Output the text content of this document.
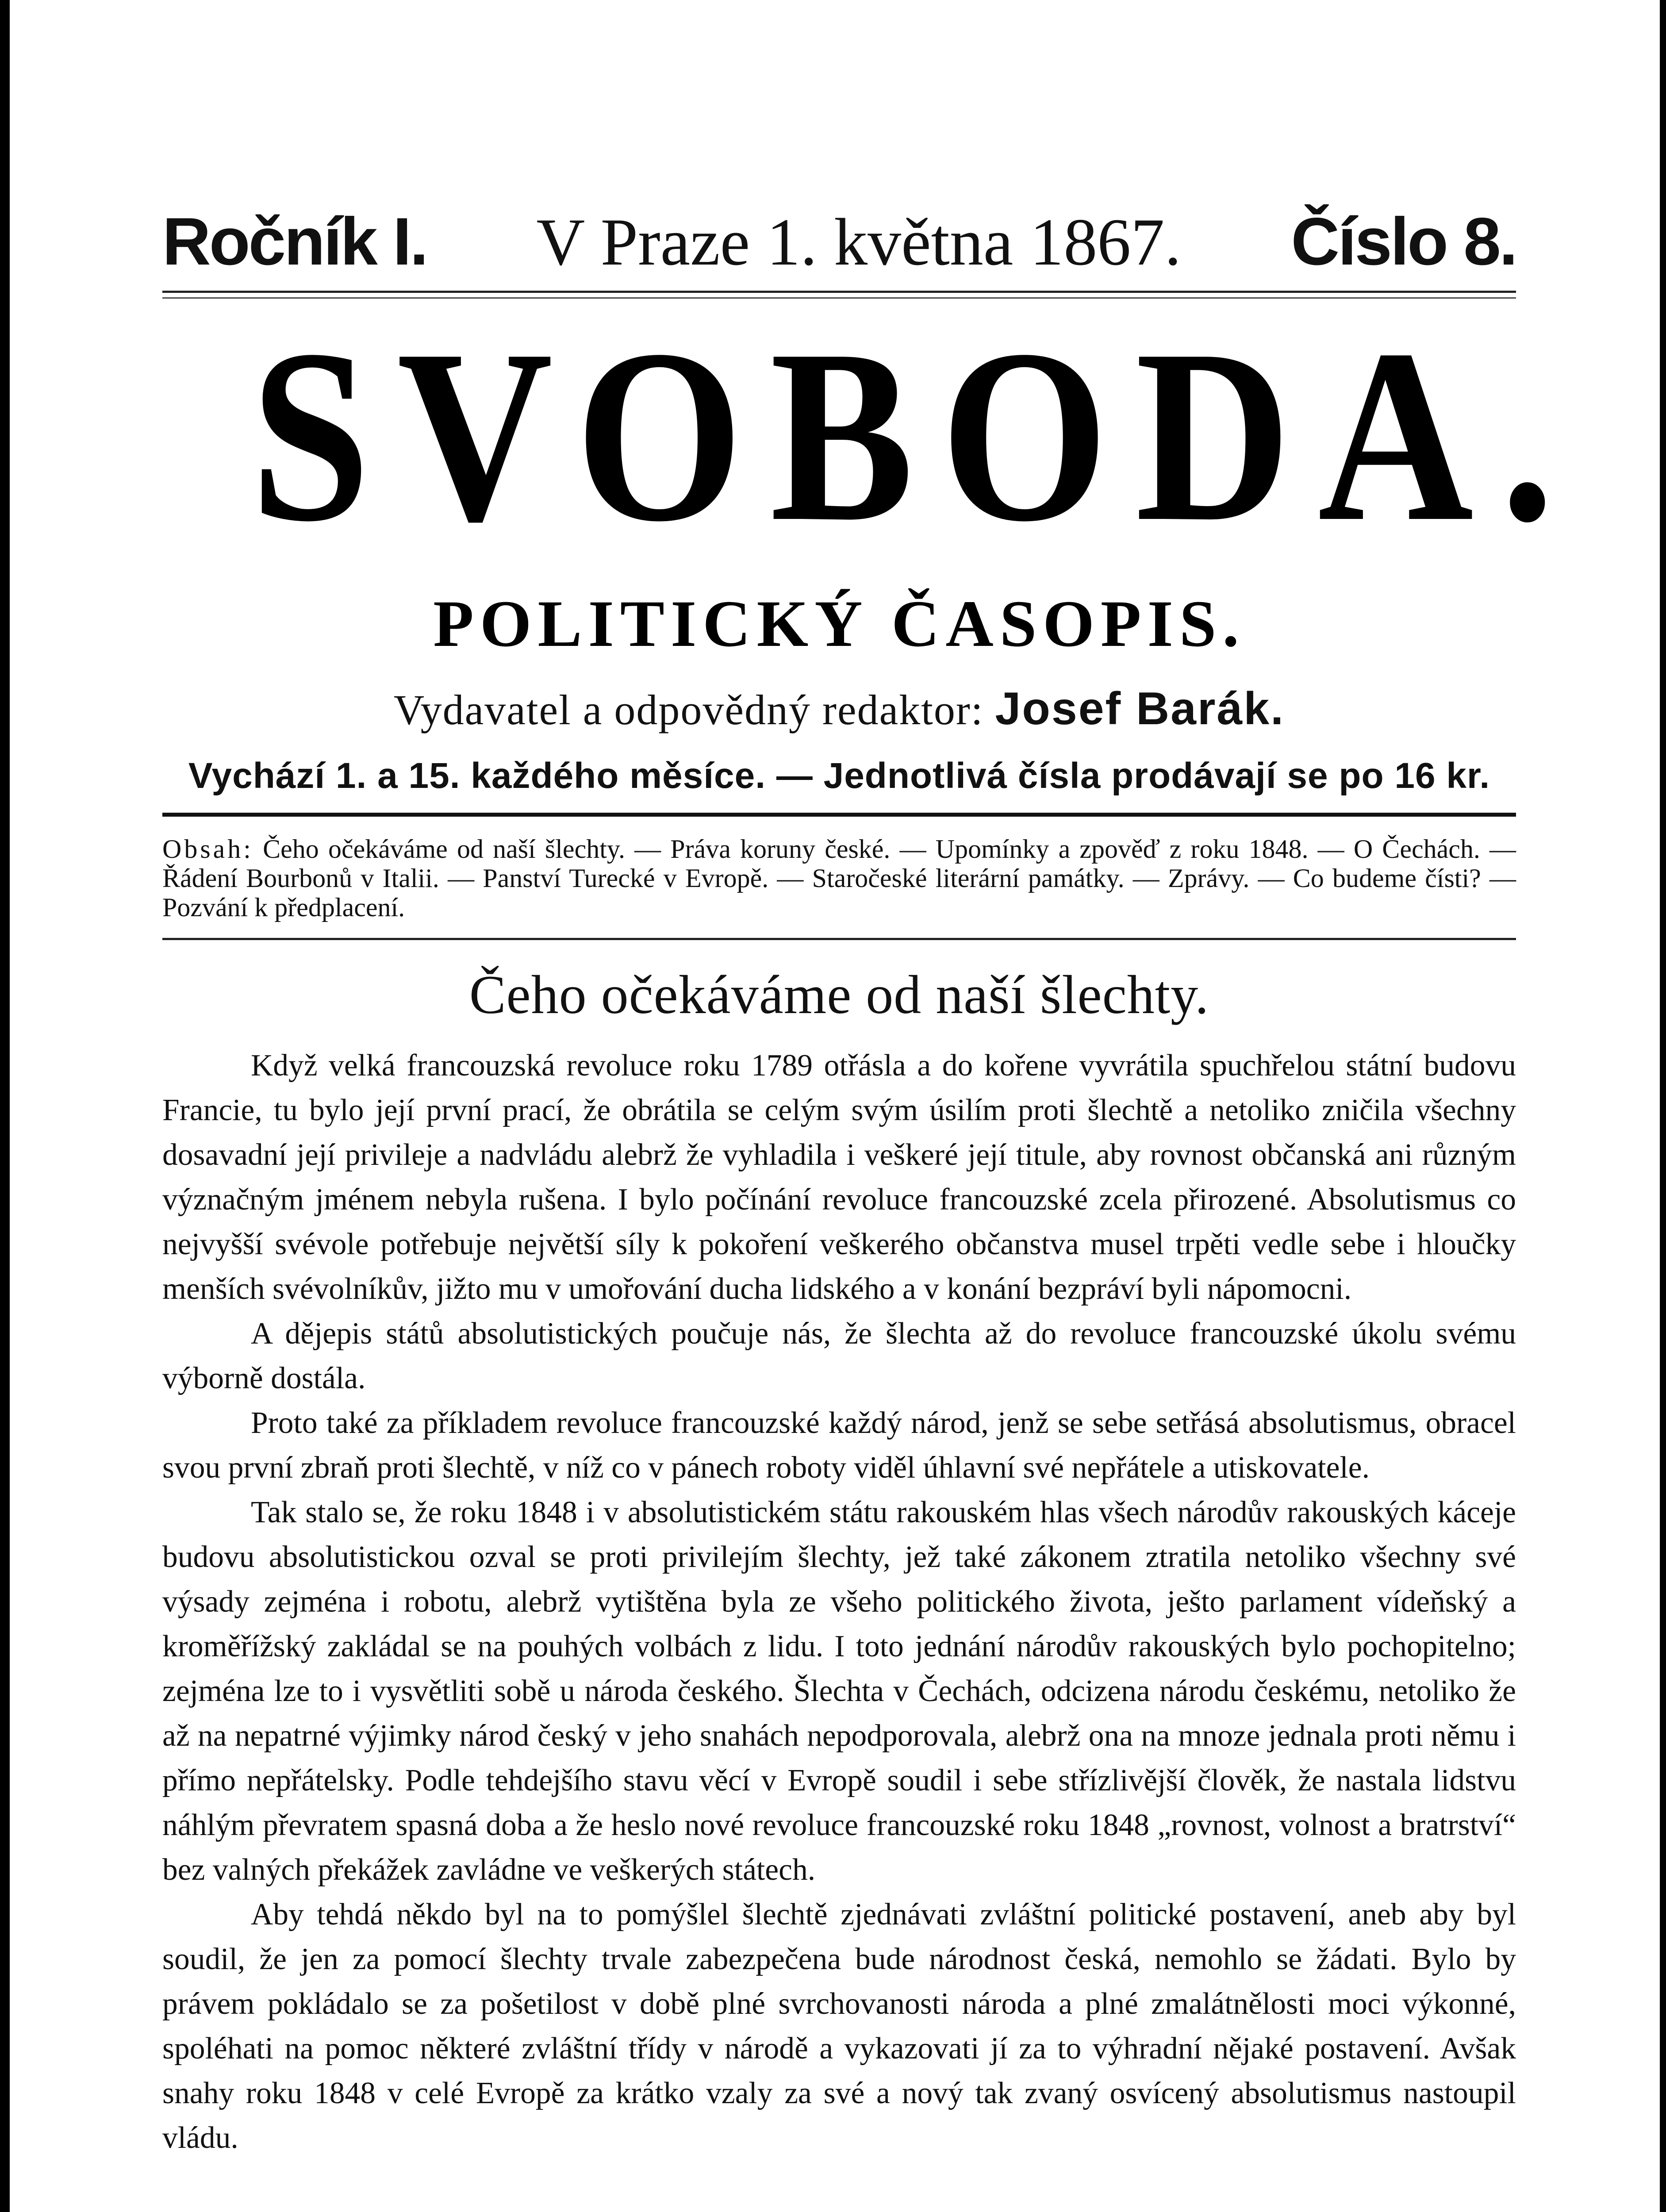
Ročník I. V Praze 1. května 1867. Číslo 8.
SVOBODA.
POLITICKÝ ČASOPIS.
Vydavatel a odpovědný redaktor: Josef Barák.
Vychází 1. a 15. každého měsíce. — Jednotlivá čísla prodávají se po 16 kr.
Obsah: Čeho očekáváme od naší šlechty. — Práva koruny české. — Upomínky a zpověď z roku 1848. — O Čechách. — Řádení Bourbonů v Italii. — Panství Turecké v Evropě. — Staročeské literární památky. — Zprávy. — Co budeme čísti? — Pozvání k předplacení.
Čeho očekáváme od naší šlechty.

Když velká francouzská revoluce roku 1789 otřásla a do kořene vyvrátila spuchřelou státní budovu Francie, tu bylo její první prací, že obrátila se celým svým úsilím proti šlechtě a netoliko zničila všechny dosavadní její privileje a nadvládu alebrž že vyhladila i veškeré její titule, aby rovnost občanská ani různým význačným jménem nebyla rušena. I bylo počínání revoluce francouzské zcela přirozené. Absolutismus co nejvyšší svévole potřebuje největší síly k pokoření veškerého občanstva musel trpěti vedle sebe i hloučky menších svévolníkův, jižto mu v umořování ducha lidského a v konání bezpráví byli nápomocni.

A dějepis států absolutistických poučuje nás, že šlechta až do revoluce francouzské úkolu svému výborně dostála.

Proto také za příkladem revoluce francouzské každý národ, jenž se sebe setřásá absolutismus, obracel svou první zbraň proti šlechtě, v níž co v pánech roboty viděl úhlavní své nepřátele a utiskovatele.

Tak stalo se, že roku 1848 i v absolutistickém státu rakouském hlas všech národův rakouských káceje budovu absolutistickou ozval se proti privilejím šlechty, jež také zákonem ztratila netoliko všechny své výsady zejména i robotu, alebrž vytištěna byla ze všeho politického života, ješto parlament vídeňský a kroměřížský zakládal se na pouhých volbách z lidu. I toto jednání národův rakouských bylo pochopitelno; zejména lze to i vysvětliti sobě u národa českého. Šlechta v Čechách, odcizena národu českému, netoliko že až na nepatrné výjimky národ český v jeho snahách nepodporovala, alebrž ona na mnoze jednala proti němu i přímo nepřátelsky. Podle tehdejšího stavu věcí v Evropě soudil i sebe střízlivější člověk, že nastala lidstvu náhlým převratem spasná doba a že heslo nové revoluce francouzské roku 1848 „rovnost, volnost a bratrství“ bez valných překážek zavládne ve veškerých státech.

Aby tehdá někdo byl na to pomýšlel šlechtě zjednávati zvláštní politické postavení, aneb aby byl soudil, že jen za pomocí šlechty trvale zabezpečena bude národnost česká, nemohlo se žádati. Bylo by právem pokládalo se za pošetilost v době plné svrchovanosti národa a plné zmalátnělosti moci výkonné, spoléhati na pomoc některé zvláštní třídy v národě a vykazovati jí za to výhradní nějaké postavení. Avšak snahy roku 1848 v celé Evropě za krátko vzaly za své a nový tak zvaný osvícený absolutismus nastoupil vládu.
